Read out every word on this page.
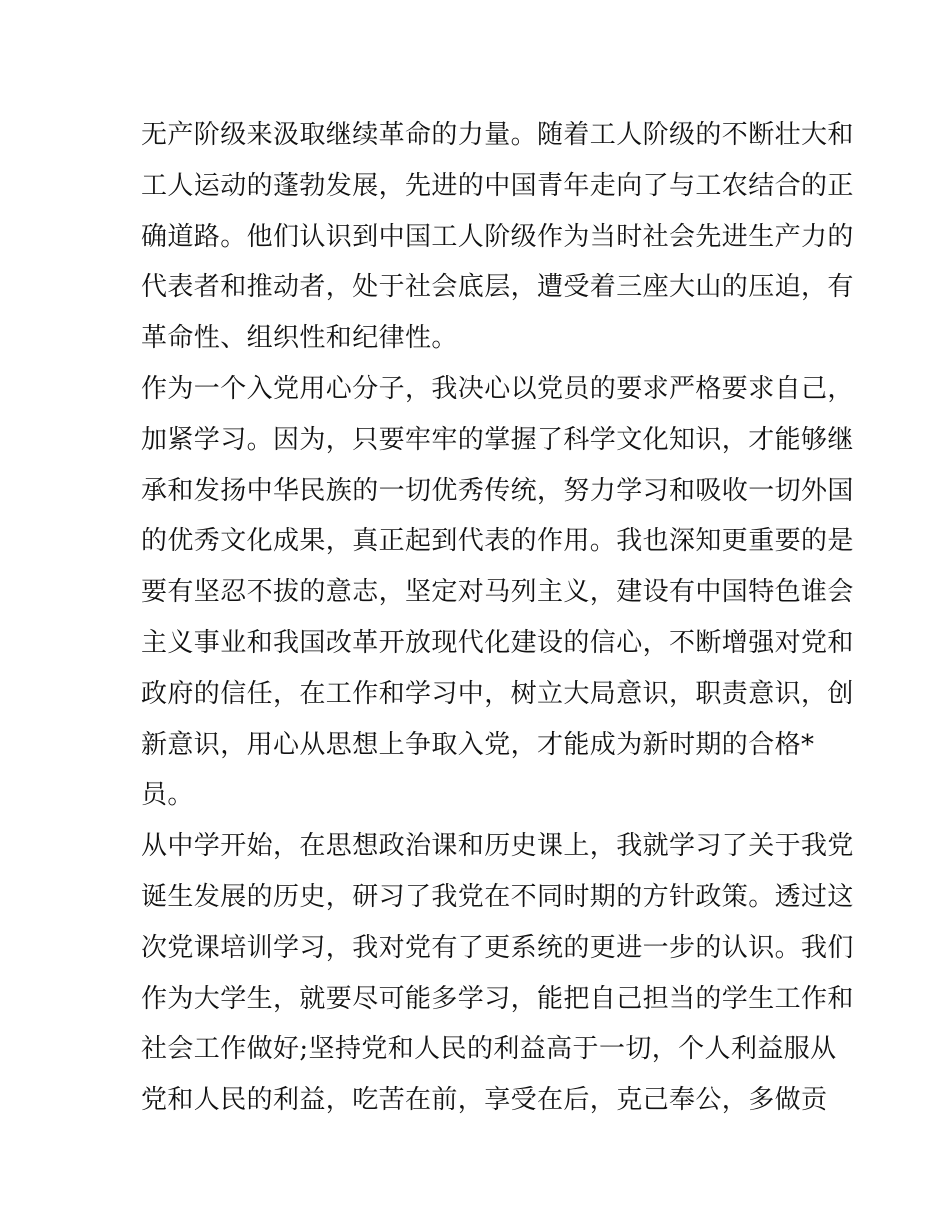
无产阶级来汲取继续革命的力量。随着工人阶级的不断壮大和
工人运动的蓬勃发展，先进的中国青年走向了与工农结合的正
确道路。他们认识到中国工人阶级作为当时社会先进生产力的
代表者和推动者，处于社会底层，遭受着三座大山的压迫，有
革命性、组织性和纪律性。
作为一个入党用心分子，我决心以党员的要求严格要求自己，
加紧学习。因为，只要牢牢的掌握了科学文化知识，才能够继
承和发扬中华民族的一切优秀传统，努力学习和吸收一切外国
的优秀文化成果，真正起到代表的作用。我也深知更重要的是
要有坚忍不拔的意志，坚定对马列主义，建设有中国特色谁会
主义事业和我国改革开放现代化建设的信心，不断增强对党和
政府的信任，在工作和学习中，树立大局意识，职责意识，创
新意识，用心从思想上争取入党，才能成为新时期的合格*
员。
从中学开始，在思想政治课和历史课上，我就学习了关于我党
诞生发展的历史，研习了我党在不同时期的方针政策。透过这
次党课培训学习，我对党有了更系统的更进一步的认识。我们
作为大学生，就要尽可能多学习，能把自己担当的学生工作和
社会工作做好;坚持党和人民的利益高于一切，个人利益服从
党和人民的利益，吃苦在前，享受在后，克己奉公，多做贡
